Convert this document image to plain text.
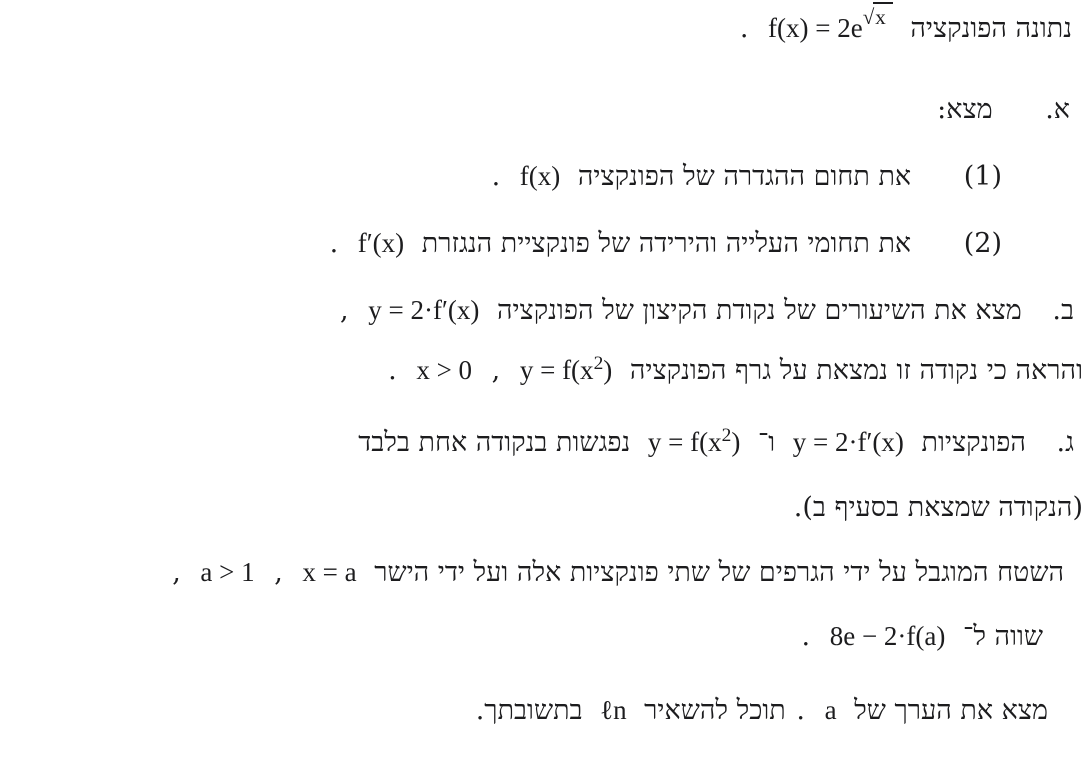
נתונה הפונקציה $f(x) = 2e^{√x}$ .
א. מצא:
(1) את תחום ההגדרה של הפונקציה f(x) .
(2) את תחומי העלייה והירידה של פונקציית הנגזרת f′(x) .
ב. מצא את השיעורים של נקודת הקיצון של הפונקציה y = 2·f′(x) ,
והראה כי נקודה זו נמצאת על גרף הפונקציה $y = f(x^2)$ , x > 0 .
ג. הפונקציות y = 2·f′(x) ו־ $y = f(x^2)$ נפגשות בנקודה אחת בלבד
(הנקודה שמצאת בסעיף ב).
השטח המוגבל על ידי הגרפים של שתי פונקציות אלה ועל ידי הישר x = a , a > 1 ,
שווה ל־ 8e − 2·f(a) .
מצא את הערך של a . תוכל להשאיר ℓn בתשובתך.
